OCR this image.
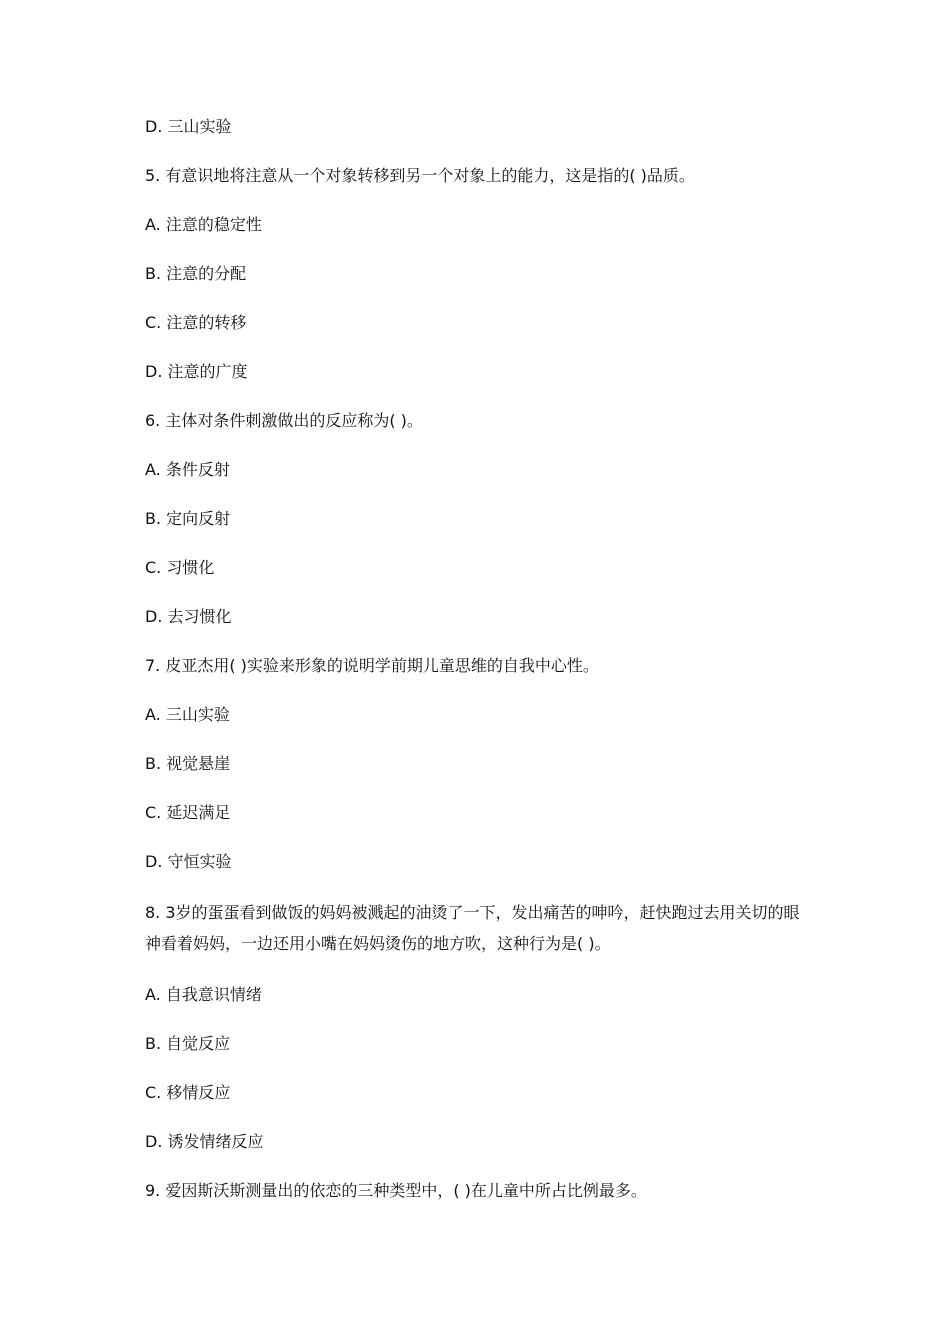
D. 三山实验
5. 有意识地将注意从一个对象转移到另一个对象上的能力，这是指的( )品质。
A. 注意的稳定性
B. 注意的分配
C. 注意的转移
D. 注意的广度
6. 主体对条件刺激做出的反应称为( )。
A. 条件反射
B. 定向反射
C. 习惯化
D. 去习惯化
7. 皮亚杰用( )实验来形象的说明学前期儿童思维的自我中心性。
A. 三山实验
B. 视觉悬崖
C. 延迟满足
D. 守恒实验
8. 3岁的蛋蛋看到做饭的妈妈被溅起的油烫了一下，发出痛苦的呻吟，赶快跑过去用关切的眼神看着妈妈，一边还用小嘴在妈妈烫伤的地方吹，这种行为是( )。
A. 自我意识情绪
B. 自觉反应
C. 移情反应
D. 诱发情绪反应
9. 爱因斯沃斯测量出的依恋的三种类型中，( )在儿童中所占比例最多。
